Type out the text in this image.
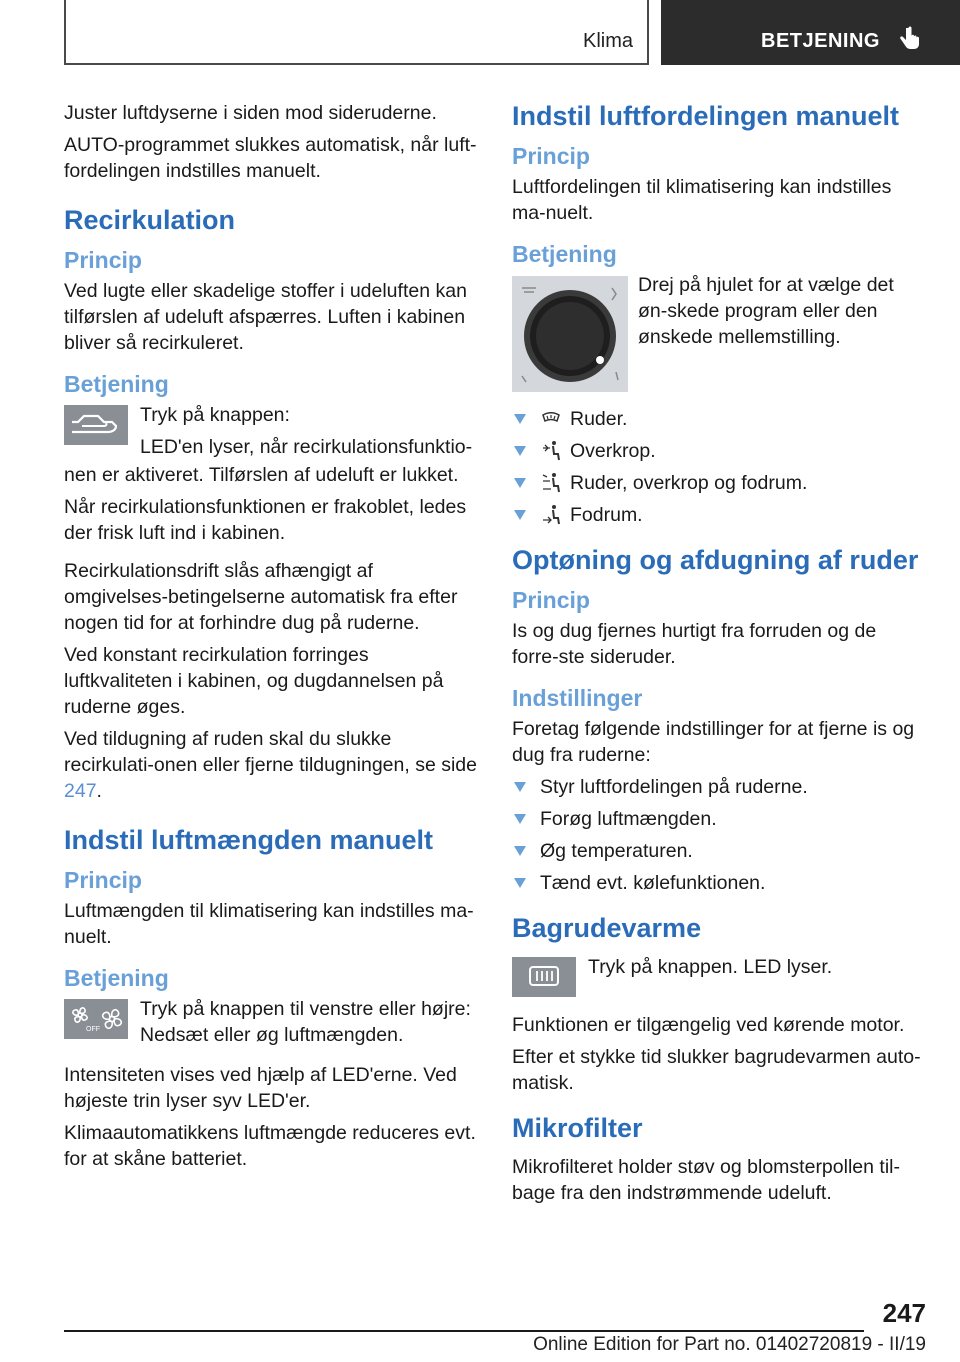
Klima	BETJENING

Juster luftdyserne i siden mod sideruderne.

AUTO-programmet slukkes automatisk, når luft-fordelingen indstilles manuelt.

Recirkulation
Princip

Ved lugte eller skadelige stoffer i udeluften kan tilførslen af udeluft afspærres. Luften i kabinen bliver så recirkuleret.

Betjening

Tryk på knappen:

LED'en lyser, når recirkulationsfunktio-

nen er aktiveret. Tilførslen af udeluft er lukket.

Når recirkulationsfunktionen er frakoblet, ledes der frisk luft ind i kabinen.

Recirkulationsdrift slås afhængigt af omgivelses-betingelserne automatisk fra efter nogen tid for at forhindre dug på ruderne.

Ved konstant recirkulation forringes luftkvaliteten i kabinen, og dugdannelsen på ruderne øges.

Ved tildugning af ruden skal du slukke recirkulati-onen eller fjerne tildugningen, se side 247.

Indstil luftmængden manuelt
Princip

Luftmængden til klimatisering kan indstilles ma-nuelt.

Betjening
OFF

Tryk på knappen til venstre eller højre: Nedsæt eller øg luftmængden.

Intensiteten vises ved hjælp af LED'erne. Ved højeste trin lyser syv LED'er.

Klimaautomatikkens luftmængde reduceres evt. for at skåne batteriet.

Indstil luftfordelingen manuelt
Princip

Luftfordelingen til klimatisering kan indstilles ma-nuelt.

Betjening

Drej på hjulet for at vælge det øn-skede program eller den ønskede mellemstilling.

Ruder.
Overkrop.
Ruder, overkrop og fodrum.
Fodrum.
Optøning og afdugning af ruder
Princip

Is og dug fjernes hurtigt fra forruden og de forre-ste sideruder.

Indstillinger

Foretag følgende indstillinger for at fjerne is og dug fra ruderne:

Styr luftfordelingen på ruderne.
Forøg luftmængden.
Øg temperaturen.
Tænd evt. kølefunktionen.
Bagrudevarme

Tryk på knappen. LED lyser.

Funktionen er tilgængelig ved kørende motor.

Efter et stykke tid slukker bagrudevarmen auto-matisk.

Mikrofilter

Mikrofilteret holder støv og blomsterpollen til-bage fra den indstrømmende udeluft.

247
Online Edition for Part no. 01402720819 - II/19
